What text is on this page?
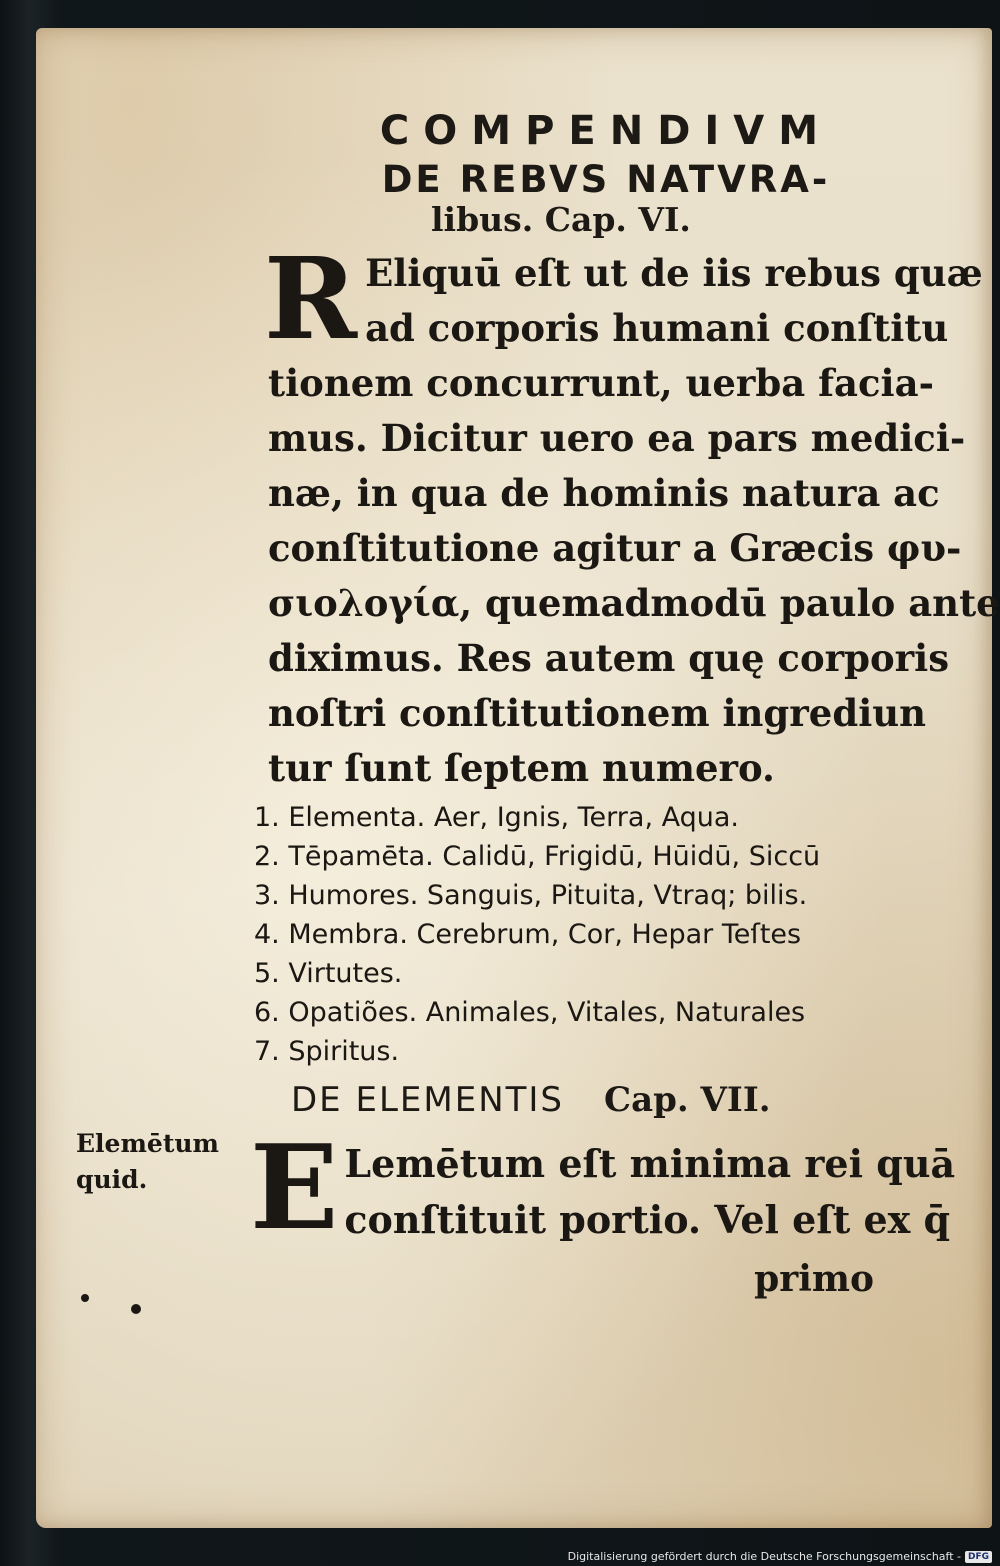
COMPENDIVM
DE REBVS NATVRA-
libus. Cap. VI.
R Eliquū eſt ut de iis rebus quæ
ad corporis humani conſtitu
tionem concurrunt, uerba facia-
mus. Dicitur uero ea pars medici-
næ, in qua de hominis natura ac
conſtitutione agitur a Græcis φυ-
σιολογία, quemadmodū paulo ante
diximus. Res autem quę corporis
noſtri conſtitutionem ingrediun
tur ſunt ſeptem numero.
1. Elementa. Aer, Ignis, Terra, Aqua.
2. Tēpamēta. Calidū, Frigidū, Hūidū, Siccū
3. Humores. Sanguis, Pituita, Vtraq; bilis.
4. Membra. Cerebrum, Cor, Hepar Teſtes
5. Virtutes.
6. Opatiões. Animales, Vitales, Naturales
7. Spiritus.
DE ELEMENTIS Cap. VII.
Elemētum
quid. E Lemētum eſt minima rei quā
conſtituit portio. Vel eſt ex q̄
primo
Digitalisierung gefördert durch die Deutsche Forschungsgemeinschaft - DFG
